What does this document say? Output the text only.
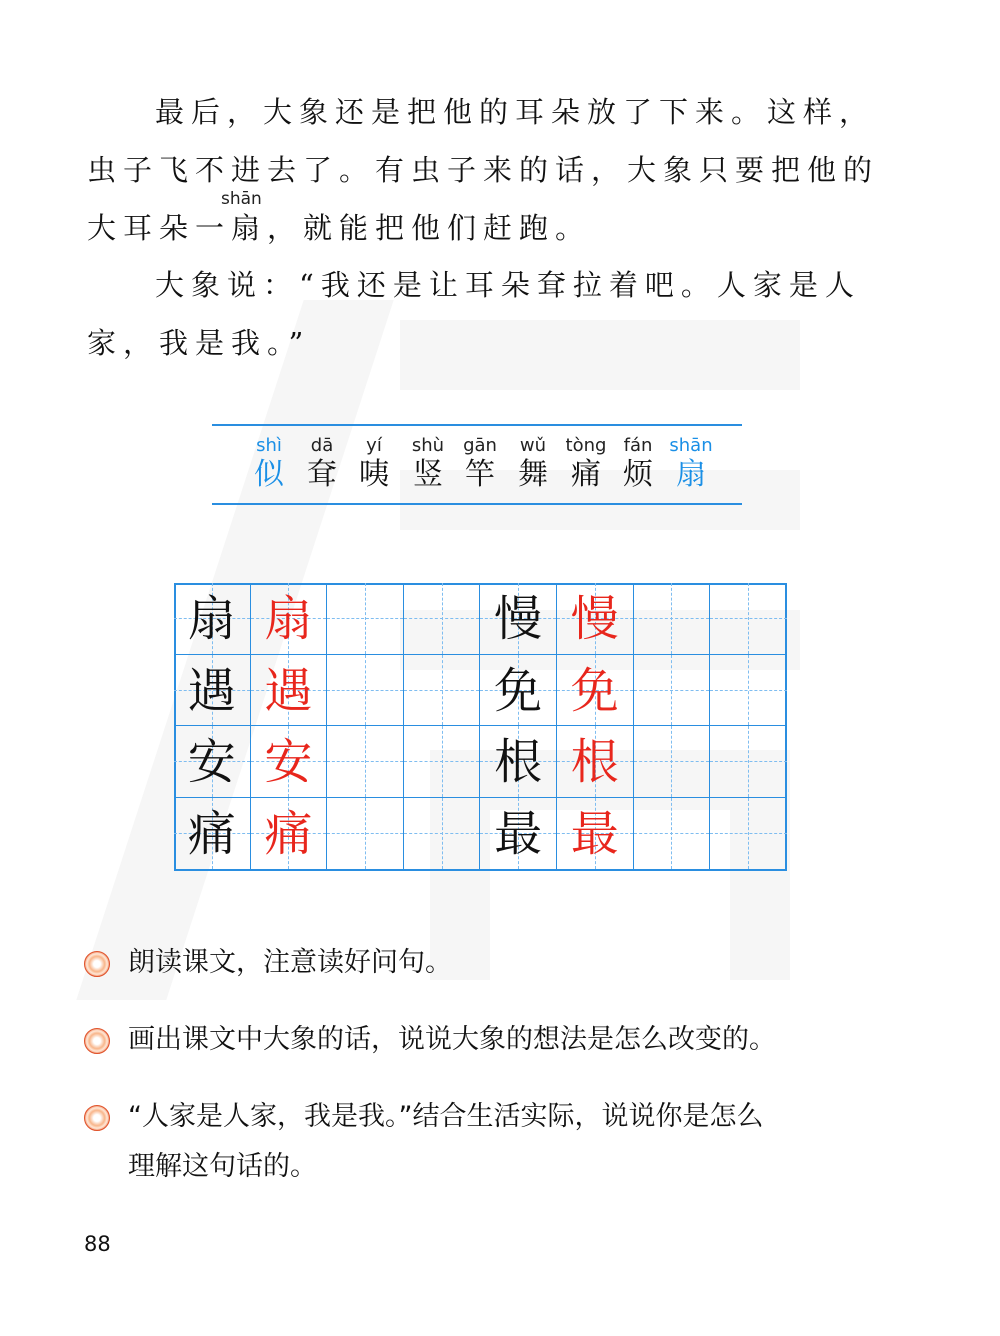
最后，大象还是把他的耳朵放了下来。这样，
虫子飞不进去了。有虫子来的话，大象只要把他的
shān
大耳朵一扇，就能把他们赶跑。
大象说：“我还是让耳朵耷拉着吧。人家是人
家，我是我。”
shì
似
dā
耷
yí
咦
shù
竖
gān
竿
wǔ
舞
tòng
痛
fán
烦
shān
扇
扇 扇	慢 慢
遇 遇	免 免
安 安	根 根
痛 痛	最 最
朗读课文，注意读好问句。
画出课文中大象的话，说说大象的想法是怎么改变的。
“人家是人家，我是我。”结合生活实际，说说你是怎么
理解这句话的。
88
